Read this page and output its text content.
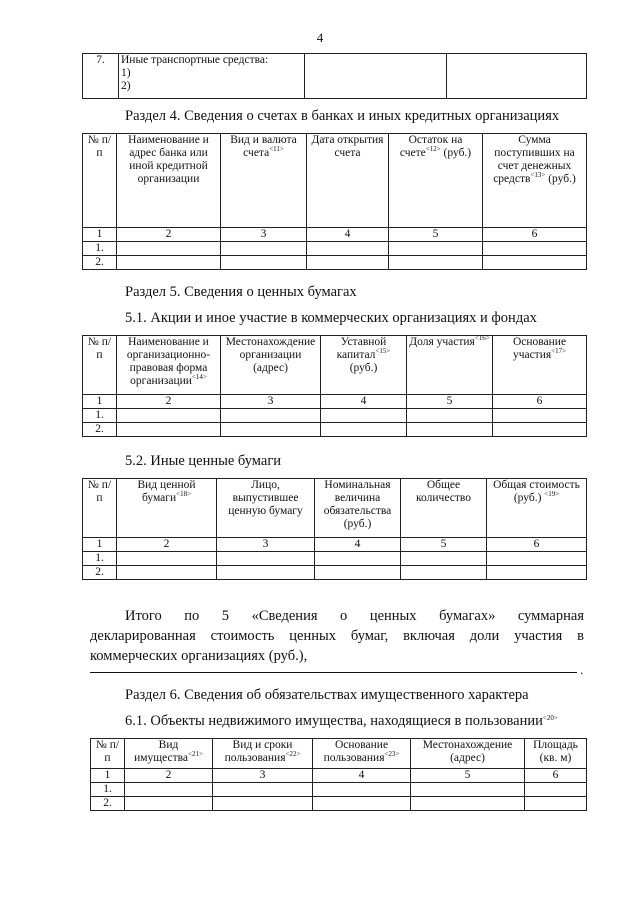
4
7.	Иные транспортные средства:
1)
2)

Раздел 4. Сведения о счетах в банках и иных кредитных организациях
№ п/п	Наименование и адрес банка или иной кредитной организации	Вид и валюта счета$^{<11>}$	Дата открытия счета	Остаток на счете$^{<12>}$ (руб.)	Сумма поступивших на счет денежных средств$^{<13>}$ (руб.)
1	2	3	4	5	6
1.					
2.					
Раздел 5. Сведения о ценных бумагах
5.1. Акции и иное участие в коммерческих организациях и фондах
№ п/п	Наименование и организационно-правовая форма организации$^{<14>}$	Местонахождение организации (адрес)	Уставной капитал$^{<15>}$ (руб.)	Доля участия$^{<16>}$	Основание участия$^{<17>}$
1	2	3	4	5	6
1.					
2.					
5.2. Иные ценные бумаги
№ п/п	Вид ценной бумаги$^{<18>}$	Лицо, выпустившее ценную бумагу	Номинальная величина обязательства (руб.)	Общее количество	Общая стоимость (руб.) $^{<19>}$
1	2	3	4	5	6
1.					
2.					
Итого по 5 «Сведения о ценных бумагах» суммарная
декларированная стоимость ценных бумаг, включая доли участия в
коммерческих организациях (руб.),
.
Раздел 6. Сведения об обязательствах имущественного характера
6.1. Объекты недвижимого имущества, находящиеся в пользовании$^{<20>}$
№ п/п	Вид имущества$^{<21>}$	Вид и сроки пользования$^{<22>}$	Основание пользования$^{<23>}$	Местонахождение (адрес)	Площадь (кв. м)
1	2	3	4	5	6
1.					
2.					
